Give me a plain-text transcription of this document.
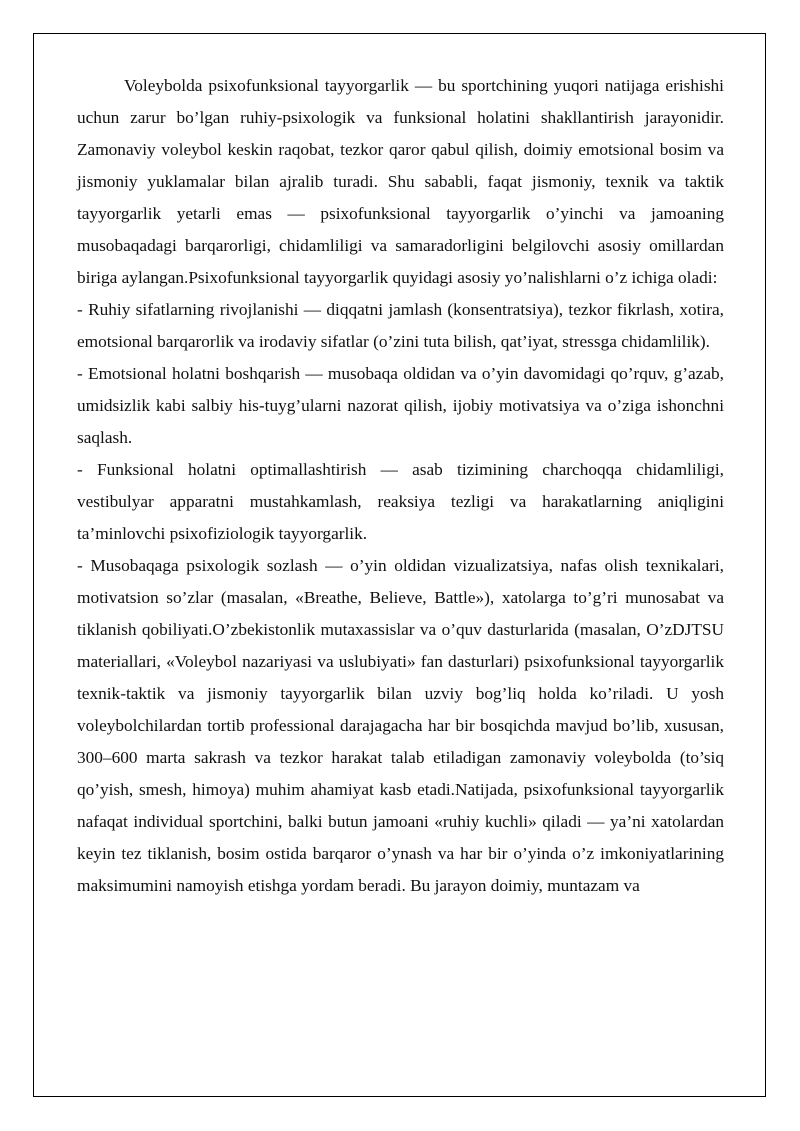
Voleybolda psixofunksional tayyorgarlik — bu sportchining yuqori natijaga erishishi uchun zarur bo’lgan ruhiy-psixologik va funksional holatini shakllantirish jarayonidir. Zamonaviy voleybol keskin raqobat, tezkor qaror qabul qilish, doimiy emotsional bosim va jismoniy yuklamalar bilan ajralib turadi. Shu sababli, faqat jismoniy, texnik va taktik tayyorgarlik yetarli emas — psixofunksional tayyorgarlik o’yinchi va jamoaning musobaqadagi barqarorligi, chidamliligi va samaradorligini belgilovchi asosiy omillardan biriga aylangan.Psixofunksional tayyorgarlik quyidagi asosiy yo’nalishlarni o’z ichiga oladi:

- Ruhiy sifatlarning rivojlanishi — diqqatni jamlash (konsentratsiya), tezkor fikrlash, xotira, emotsional barqarorlik va irodaviy sifatlar (o’zini tuta bilish, qat’iyat, stressga chidamlilik).

- Emotsional holatni boshqarish — musobaqa oldidan va o’yin davomidagi qo’rquv, g’azab, umidsizlik kabi salbiy his-tuyg’ularni nazorat qilish, ijobiy motivatsiya va o’ziga ishonchni saqlash.

- Funksional holatni optimallashtirish — asab tizimining charchoqqa chidamliligi, vestibulyar apparatni mustahkamlash, reaksiya tezligi va harakatlarning aniqligini ta’minlovchi psixofiziologik tayyorgarlik.

- Musobaqaga psixologik sozlash — o’yin oldidan vizualizatsiya, nafas olish texnikalari, motivatsion so’zlar (masalan, «Breathe, Believe, Battle»), xatolarga to’g’ri munosabat va tiklanish qobiliyati.O’zbekistonlik mutaxassislar va o’quv dasturlarida (masalan, O’zDJTSU materiallari, «Voleybol nazariyasi va uslubiyati» fan dasturlari) psixofunksional tayyorgarlik texnik-taktik va jismoniy tayyorgarlik bilan uzviy bog’liq holda ko’riladi. U yosh voleybolchilardan tortib professional darajagacha har bir bosqichda mavjud bo’lib, xususan, 300–600 marta sakrash va tezkor harakat talab etiladigan zamonaviy voleybolda (to’siq qo’yish, smesh, himoya) muhim ahamiyat kasb etadi.Natijada, psixofunksional tayyorgarlik nafaqat individual sportchini, balki butun jamoani «ruhiy kuchli» qiladi — ya’ni xatolardan keyin tez tiklanish, bosim ostida barqaror o’ynash va har bir o’yinda o’z imkoniyatlarining maksimumini namoyish etishga yordam beradi. Bu jarayon doimiy, muntazam va
